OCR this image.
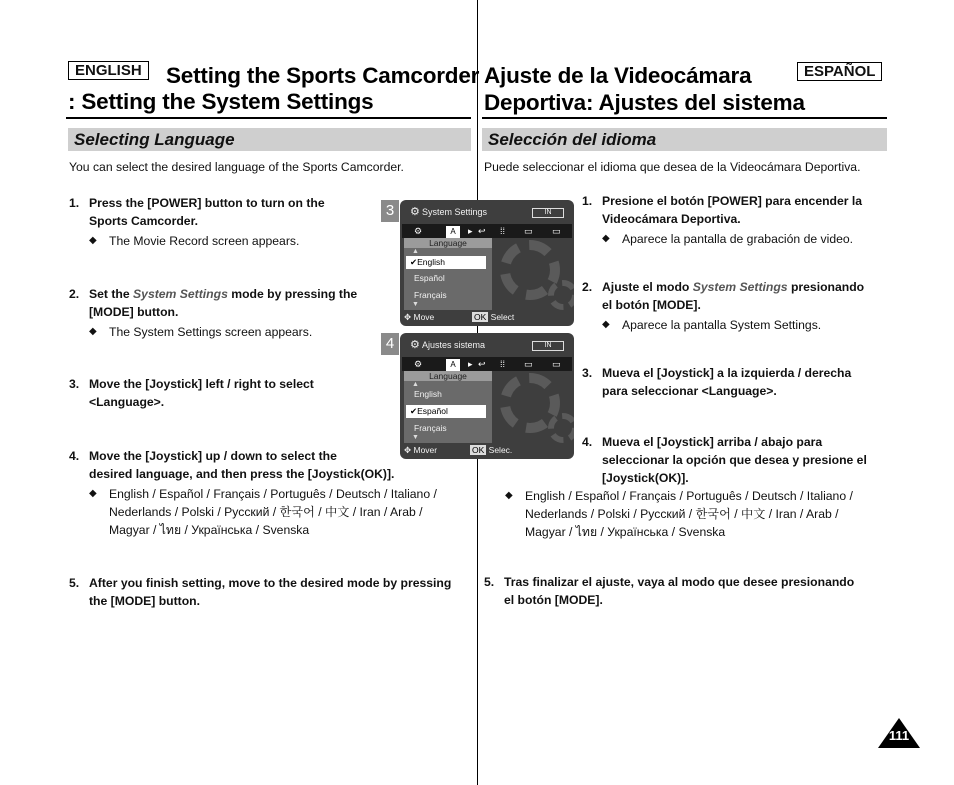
ENGLISH	Setting the Sports Camcorder
: Setting the System Settings
Selecting Language
You can select the desired language of the Sports Camcorder.
1. Press the [POWER] button to turn on the
Sports Camcorder.
◆ The Movie Record screen appears.
2. Set the System Settings mode by pressing the
[MODE] button.
◆ The System Settings screen appears.
3. Move the [Joystick] left / right to select
<Language>.
4. Move the [Joystick] up / down to select the
desired language, and then press the [Joystick(OK)].
◆ English / Español / Français / Português / Deutsch / Italiano /
Nederlands / Polski / Русский / 한국어 / 中文 / Iran / Arab /
Magyar / ไทย / Українська / Svenska
5. After you finish setting, move to the desired mode by pressing
the [MODE] button.
3	⚙ System Settings	IN
⚙	A	▸ ↩ ⁞⁞ ▭ ▭
Language
▲
✔English
Español
Français
▼
✥ Move	OK Select
4	⚙ Ajustes sistema	IN
⚙	A	▸ ↩ ⁞⁞ ▭ ▭
Language
▲
English
✔Español
Français
▼
✥ Mover	OK Selec.
ESPAÑOL
Ajuste de la Videocámara
Deportiva: Ajustes del sistema
Selección del idioma
Puede seleccionar el idioma que desea de la Videocámara Deportiva.
1. Presione el botón [POWER] para encender la
Videocámara Deportiva.
◆ Aparece la pantalla de grabación de video.
2. Ajuste el modo System Settings presionando
el botón [MODE].
◆ Aparece la pantalla System Settings.
3. Mueva el [Joystick] a la izquierda / derecha
para seleccionar <Language>.
4. Mueva el [Joystick] arriba / abajo para
seleccionar la opción que desea y presione el
[Joystick(OK)].
◆ English / Español / Français / Português / Deutsch / Italiano /
Nederlands / Polski / Русский / 한국어 / 中文 / Iran / Arab /
Magyar / ไทย / Українська / Svenska
5. Tras finalizar el ajuste, vaya al modo que desee presionando
el botón [MODE].
111
